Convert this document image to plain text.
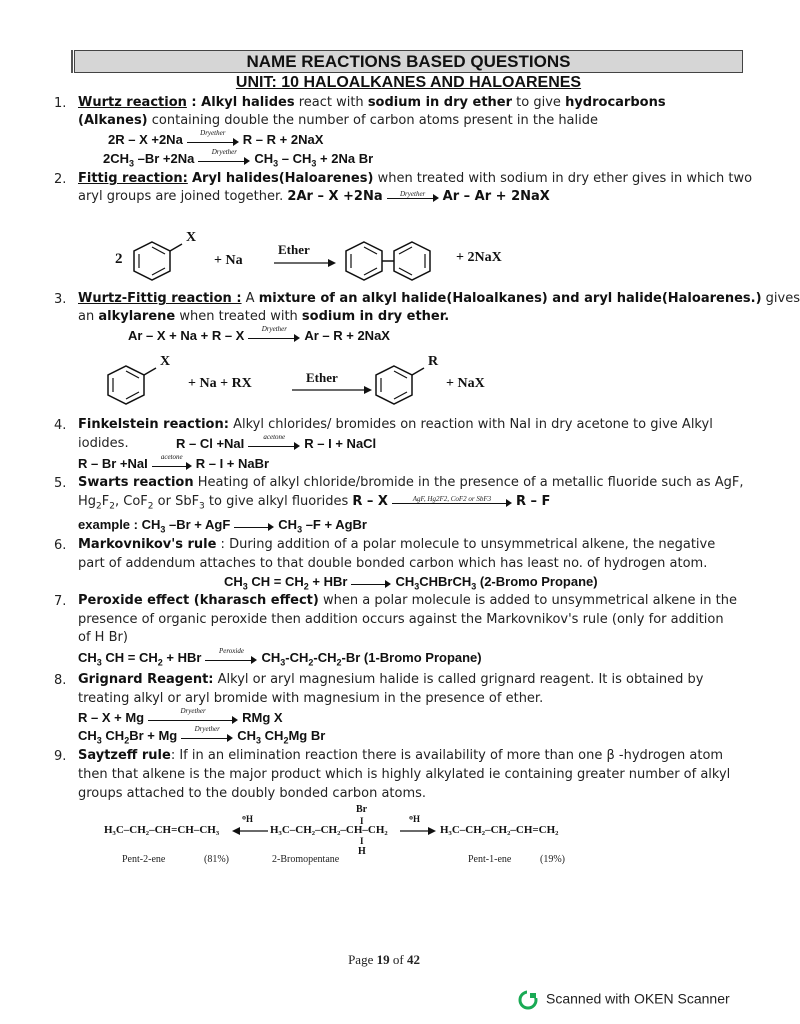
NAME REACTIONS BASED QUESTIONS
UNIT: 10 HALOALKANES AND HALOARENES
1. Wurtz reaction : Alkyl halides react with sodium in dry ether to give hydrocarbons
(Alkanes) containing double the number of carbon atoms present in the halide
2R – X +2Na	Dryether	R – R + 2NaX
$2CH_3$ –Br +2Na	Dryether	$CH_3 - CH_3 + 2Na$ Br
2. Fittig reaction: Aryl halides(Haloarenes) when treated with sodium in dry ether gives in which two
aryl groups are joined together. 2Ar – X +2Na	Dryether	Ar – Ar + 2NaX
2
X
+ Na
Ether
+ 2NaX
3. Wurtz-Fittig reaction : A mixture of an alkyl halide(Haloalkanes) and aryl halide(Haloarenes.) gives
an alkylarene when treated with sodium in dry ether.
Ar – X + Na + R – X	Dryether	Ar – R + 2NaX
X
+ Na + RX	Ether
R
+ NaX
4. Finkelstein reaction: Alkyl chlorides/ bromides on reaction with NaI in dry acetone to give Alkyl
iodides.	R – Cl +NaI	acetone	R – I + NaCl
R – Br +NaI	acetone	R – I + NaBr
5. Swarts reaction Heating of alkyl chloride/bromide in the presence of a metallic fluoride such as AgF,
$Hg_2F_2$, CoF$_2$ or SbF$_3$ to give alkyl fluorides R – X	AgF, Hg2F2, CoF2 or SbF3	R – F
example : $CH_3$ –Br + AgF	$CH_3$ –F + AgBr
6. Markovnikov's rule : During addition of a polar molecule to unsymmetrical alkene, the negative
part of addendum attaches to that double bonded carbon which has least no. of hydrogen atom.
$CH_3$ CH = $CH_2$ + HBr	$CH_3CHBrCH_3$ (2-Bromo Propane)
7. Peroxide effect (kharasch effect) when a polar molecule is added to unsymmetrical alkene in the
presence of organic peroxide then addition occurs against the Markovnikov's rule (only for addition
of H Br)
$CH_3$ CH = $CH_2$ + HBr	Peroxide	$CH_3-CH_2-CH_2-Br$ (1-Bromo Propane)
8. Grignard Reagent: Alkyl or aryl magnesium halide is called grignard reagent. It is obtained by
treating alkyl or aryl bromide with magnesium in the presence of ether.
R – X + Mg	Dryether	RMg X
$CH_3$ $CH_2Br + Mg$	Dryether	$CH_3$ $CH_2Mg$ Br
9. Saytzeff rule: If in an elimination reaction there is availability of more than one β -hydrogen atom
then that alkene is the major product which is highly alkylated ie containing greater number of alkyl
groups attached to the doubly bonded carbon atoms.
H₃C–CH₂–CH=CH–CH₃
ᴼH
Br
I
H₃C–CH₂–CH₂–CH–CH₂
I
H
ᴼH
→ H₃C–CH₂–CH₂–CH=CH₂
Pent-2-ene	(81%)	2-Bromopentane	Pent-1-ene	(19%)
Page 19 of 42
Scanned with OKEN Scanner
